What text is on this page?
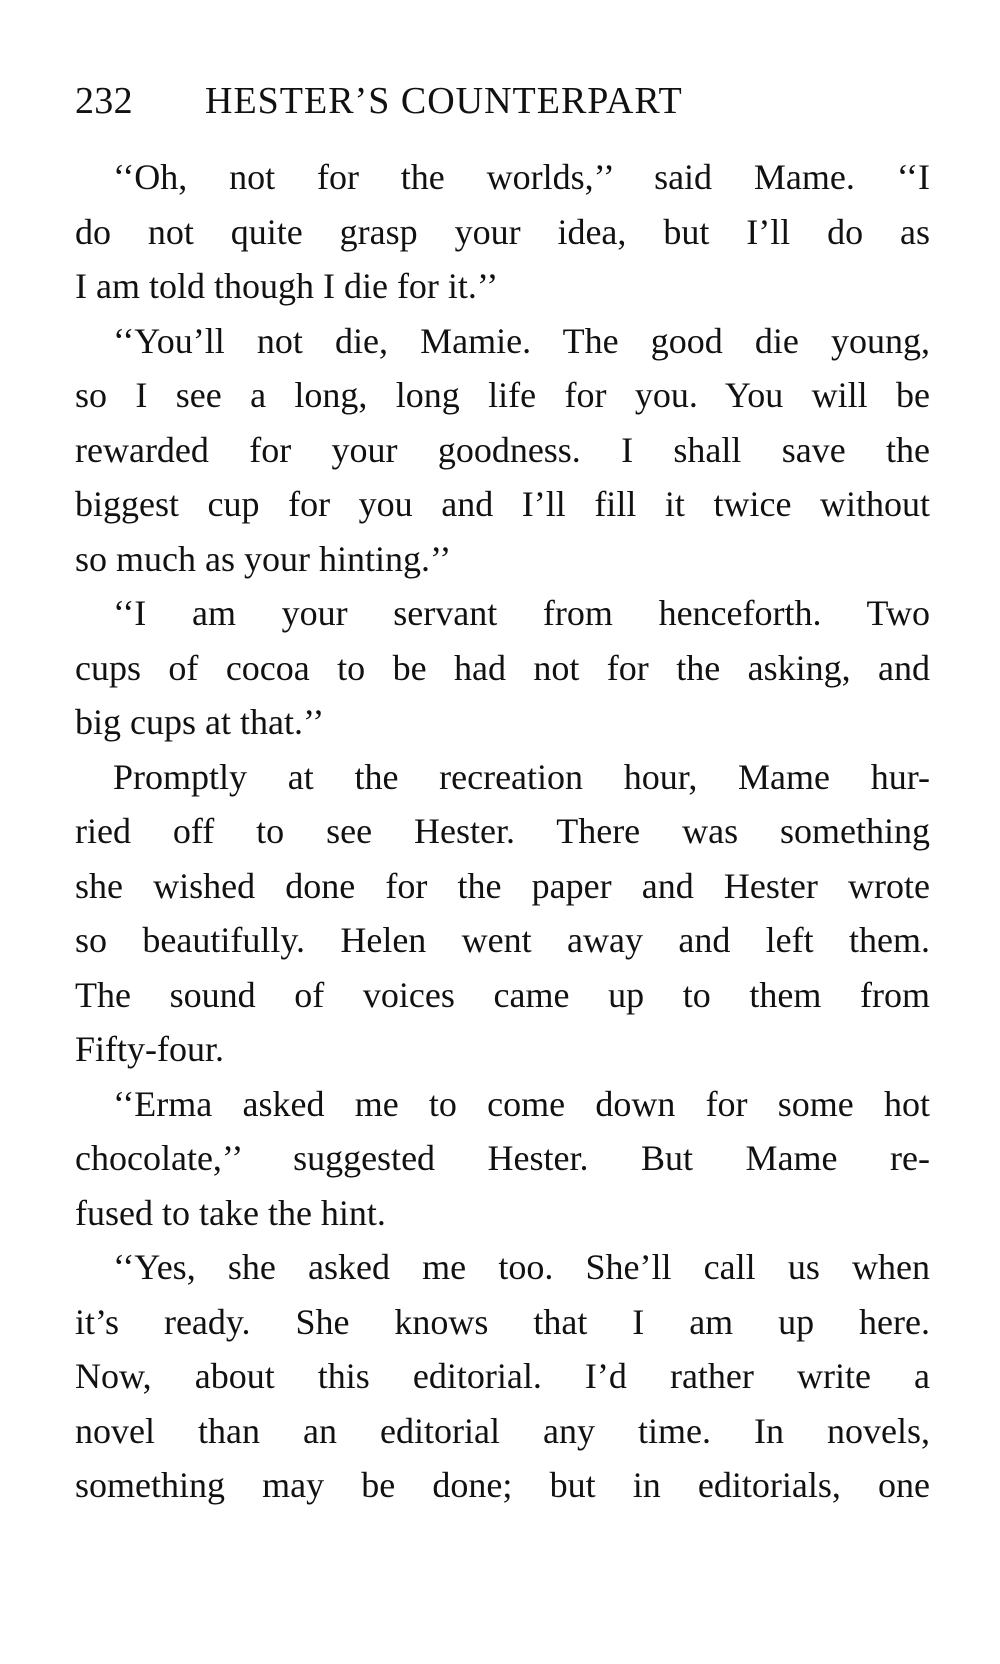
232 HESTER’S COUNTERPART

‘‘Oh, not for the worlds,’’ said Mame. ‘‘I
do not quite grasp your idea, but I’ll do as
I am told though I die for it.’’

‘‘You’ll not die, Mamie. The good die young,
so I see a long, long life for you. You will be
rewarded for your goodness. I shall save the
biggest cup for you and I’ll fill it twice without
so much as your hinting.’’

‘‘I am your servant from henceforth. Two
cups of cocoa to be had not for the asking, and
big cups at that.’’

Promptly at the recreation hour, Mame hur-
ried off to see Hester. There was something
she wished done for the paper and Hester wrote
so beautifully. Helen went away and left them.
The sound of voices came up to them from
Fifty-four.

‘‘Erma asked me to come down for some hot
chocolate,’’ suggested Hester. But Mame re-
fused to take the hint.

‘‘Yes, she asked me too. She’ll call us when
it’s ready. She knows that I am up here.
Now, about this editorial. I’d rather write a
novel than an editorial any time. In novels,
something may be done; but in editorials, one
